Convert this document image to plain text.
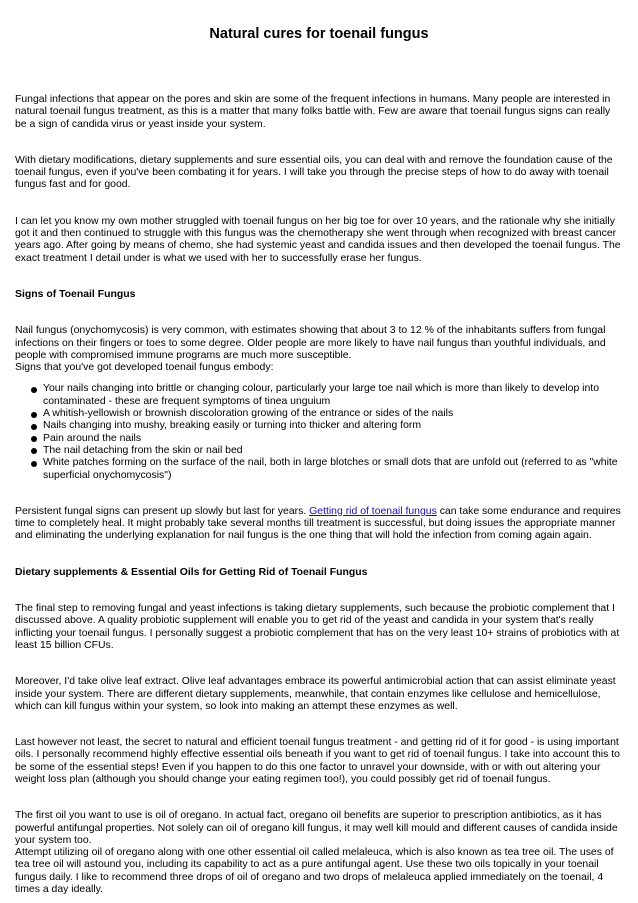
Natural cures for toenail fungus

Fungal infections that appear on the pores and skin are some of the frequent infections in humans. Many people are interested in natural toenail fungus treatment, as this is a matter that many folks battle with. Few are aware that toenail fungus signs can really be a sign of candida virus or yeast inside your system.

With dietary modifications, dietary supplements and sure essential oils, you can deal with and remove the foundation cause of the toenail fungus, even if you've been combating it for years. I will take you through the precise steps of how to do away with toenail fungus fast and for good.

I can let you know my own mother struggled with toenail fungus on her big toe for over 10 years, and the rationale why she initially got it and then continued to struggle with this fungus was the chemotherapy she went through when recognized with breast cancer years ago. After going by means of chemo, she had systemic yeast and candida issues and then developed the toenail fungus. The exact treatment I detail under is what we used with her to successfully erase her fungus.

Signs of Toenail Fungus

Nail fungus (onychomycosis) is very common, with estimates showing that about 3 to 12 % of the inhabitants suffers from fungal infections on their fingers or toes to some degree. Older people are more likely to have nail fungus than youthful individuals, and people with compromised immune programs are much more susceptible.

Signs that you've got developed toenail fungus embody:

Your nails changing into brittle or changing colour, particularly your large toe nail which is more than likely to develop into contaminated - these are frequent symptoms of tinea unguium
A whitish-yellowish or brownish discoloration growing of the entrance or sides of the nails
Nails changing into mushy, breaking easily or turning into thicker and altering form
Pain around the nails
The nail detaching from the skin or nail bed
White patches forming on the surface of the nail, both in large blotches or small dots that are unfold out (referred to as "white superficial onychomycosis")

Persistent fungal signs can present up slowly but last for years. Getting rid of toenail fungus can take some endurance and requires time to completely heal. It might probably take several months till treatment is successful, but doing issues the appropriate manner and eliminating the underlying explanation for nail fungus is the one thing that will hold the infection from coming again again.

Dietary supplements & Essential Oils for Getting Rid of Toenail Fungus

The final step to removing fungal and yeast infections is taking dietary supplements, such because the probiotic complement that I discussed above. A quality probiotic supplement will enable you to get rid of the yeast and candida in your system that's really inflicting your toenail fungus. I personally suggest a probiotic complement that has on the very least 10+ strains of probiotics with at least 15 billion CFUs.

Moreover, I'd take olive leaf extract. Olive leaf advantages embrace its powerful antimicrobial action that can assist eliminate yeast inside your system. There are different dietary supplements, meanwhile, that contain enzymes like cellulose and hemicellulose, which can kill fungus within your system, so look into making an attempt these enzymes as well.

Last however not least, the secret to natural and efficient toenail fungus treatment - and getting rid of it for good - is using important oils. I personally recommend highly effective essential oils beneath if you want to get rid of toenail fungus. I take into account this to be some of the essential steps! Even if you happen to do this one factor to unravel your downside, with or with out altering your weight loss plan (although you should change your eating regimen too!), you could possibly get rid of toenail fungus.

The first oil you want to use is oil of oregano. In actual fact, oregano oil benefits are superior to prescription antibiotics, as it has powerful antifungal properties. Not solely can oil of oregano kill fungus, it may well kill mould and different causes of candida inside your system too.

Attempt utilizing oil of oregano along with one other essential oil called melaleuca, which is also known as tea tree oil. The uses of tea tree oil will astound you, including its capability to act as a pure antifungal agent. Use these two oils topically in your toenail fungus daily. I like to recommend three drops of oil of oregano and two drops of melaleuca applied immediately on the toenail, 4 times a day ideally.
